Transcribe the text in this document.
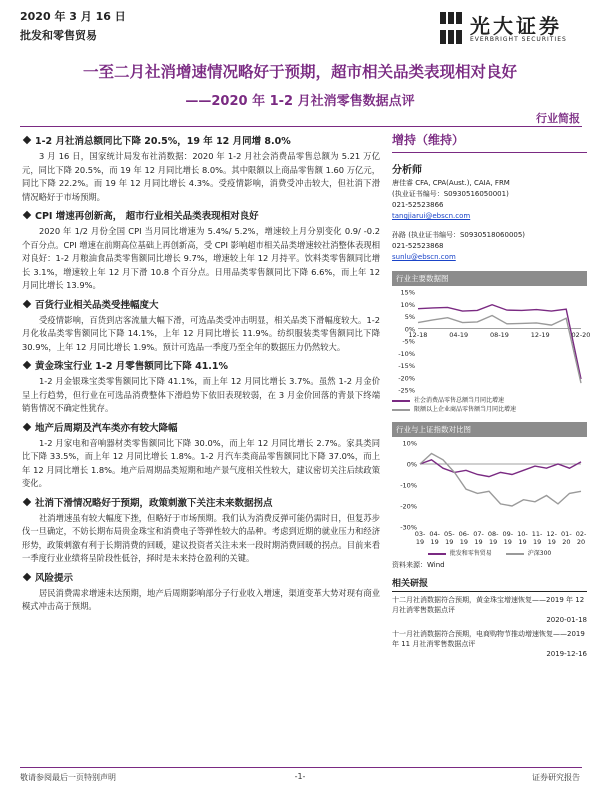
2020 年 3 月 16 日
批发和零售贸易	光大证券
EVERBRIGHT SECURITIES
一至二月社消增速情况略好于预期，超市相关品类表现相对良好
——2020 年 1-2 月社消零售数据点评
行业简报
1-2 月社消总额同比下降 20.5%，19 年 12 月同增 8.0%

3 月 16 日，国家统计局发布社消数据：2020 年 1-2 月社会消费品零售总额为 5.21 万亿元，同比下降 20.5%，而 19 年 12 月同比增长 8.0%。其中限额以上商品零售额 1.60 万亿元，同比下降 22.2%。而 19 年 12 月同比增长 4.3%。受疫情影响，消费受冲击较大，但社消下滑情况略好于市场预期。

CPI 增速再创新高， 超市行业相关品类表现相对良好

2020 年 1/2 月份全国 CPI 当月同比增速为 5.4%/ 5.2%，增速较上月分别变化 0.9/ -0.2 个百分点。CPI 增速在前期高位基础上再创新高，受 CPI 影响超市相关品类增速较社消整体表现相对良好：1-2 月粮油食品类零售额同比增长 9.7%，增速较上年 12 月持平。饮料类零售额同比增长 3.1%，增速较上年 12 月下滑 10.8 个百分点。日用品类零售额同比下降 6.6%，而上年 12 月同比增长 13.9%。

百货行业相关品类受挫幅度大

受疫情影响，百货到店客流量大幅下滑，可选品类受冲击明显，相关品类下滑幅度较大。1-2 月化妆品类零售额同比下降 14.1%，上年 12 月同比增长 11.9%。纺织服装类零售额同比下降 30.9%，上年 12 月同比增长 1.9%。预计可选品一季度乃至全年的数据压力仍然较大。

黄金珠宝行业 1-2 月零售额同比下降 41.1%

1-2 月金银珠宝类零售额同比下降 41.1%，而上年 12 月同比增长 3.7%。虽然 1-2 月金价呈上行趋势，但行业在可选品消费整体下滑趋势下依旧表现较弱，在 3 月金价回落的背景下终端销售情况不确定性犹存。

地产后周期及汽车类亦有较大降幅

1-2 月家电和音响器材类零售额同比下降 30.0%，而上年 12 月同比增长 2.7%。家具类同比下降 33.5%，而上年 12 月同比增长 1.8%。1-2 月汽车类商品零售额同比下降 37.0%，而上年 12 月同比增长 1.8%。地产后周期品类短期和地产景气度相关性较大，建议密切关注后续政策变化。

社消下滑情况略好于预期，政策刺激下关注未来数据拐点

社消增速虽有较大幅度下挫，但略好于市场预期。我们认为消费反弹可能仍需时日，但复苏步伐一旦确定，不妨长期布局贵金珠宝和消费电子等弹性较大的品种。考虑到近期的就业压力和经济形势，政策刺激有利于长期消费的回暖，建议投资者关注未来一段时期消费回暖的拐点。目前来看一季度行业业绩将呈阶段性低谷，择时是未来持仓盈利的关键。

风险提示

居民消费需求增速未达预期，地产后周期影响部分子行业收入增速，渠道变革大势对现有商业模式冲击高于预期。

增持（维持）
分析师
唐佳睿 CFA, CPA(Aust.), CAIA, FRM
(执业证书编号：S0930516050001)
021-52523866
tangjiarui@ebscn.com
孙路 (执业证书编号：S0930518060005)
021-52523868
sunlu@ebscn.com
行业主要数据图
15%
10%
5%
0%
-5%
-10%
-15%
-20%
-25%
12-18	04-19	08-19	12-19	02-20
社会消费品零售总额当月同比增速
限额以上企业商品零售额当月同比增速
行业与上证指数对比图
10%
0%
-10%
-20%
-30%
03-
19
04-
19
05-
19
06-
19
07-
19
08-
19
09-
19
10-
19
11-
19
12-
19
01-
20
02-
20
批发和零售贸易	沪深300
资料来源：Wind
相关研报
十二月社消数据符合预期，黄金珠宝增速恢复——2019 年 12 月社消零售数据点评
2020-01-18
十一月社消数据符合预期，电商购物节推动增速恢复——2019 年 11 月社消零售数据点评
2019-12-16
敬请参阅最后一页特别声明	-1-	证券研究报告
